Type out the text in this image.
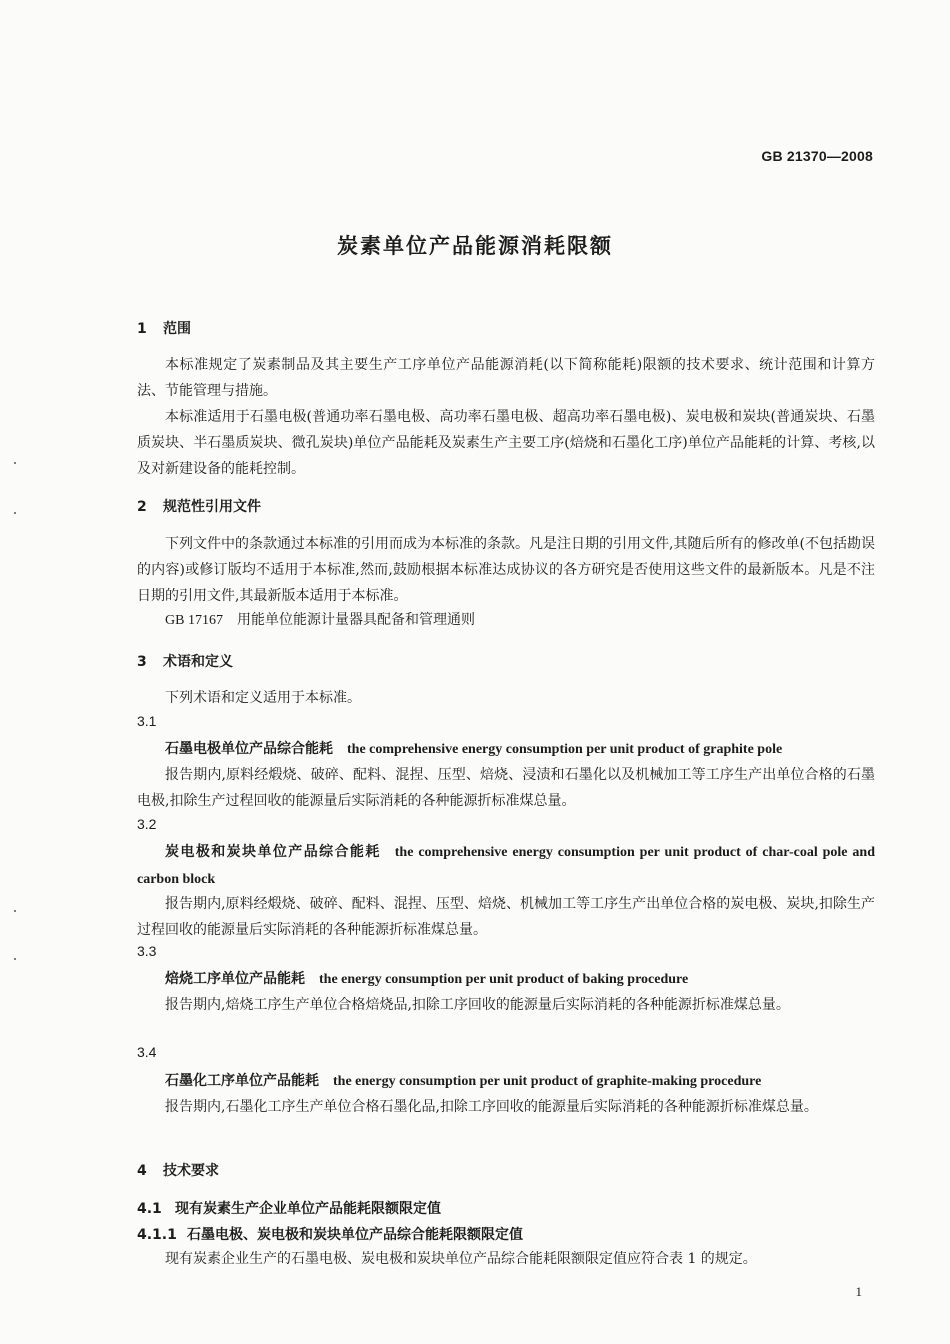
GB 21370—2008
炭素单位产品能源消耗限额
1 范围
本标准规定了炭素制品及其主要生产工序单位产品能源消耗(以下简称能耗)限额的技术要求、统计范围和计算方法、节能管理与措施。
本标准适用于石墨电极(普通功率石墨电极、高功率石墨电极、超高功率石墨电极)、炭电极和炭块(普通炭块、石墨质炭块、半石墨质炭块、微孔炭块)单位产品能耗及炭素生产主要工序(焙烧和石墨化工序)单位产品能耗的计算、考核,以及对新建设备的能耗控制。
2 规范性引用文件
下列文件中的条款通过本标准的引用而成为本标准的条款。凡是注日期的引用文件,其随后所有的修改单(不包括勘误的内容)或修订版均不适用于本标准,然而,鼓励根据本标准达成协议的各方研究是否使用这些文件的最新版本。凡是不注日期的引用文件,其最新版本适用于本标准。
GB 17167 用能单位能源计量器具配备和管理通则
3 术语和定义
下列术语和定义适用于本标准。
3.1
石墨电极单位产品综合能耗 the comprehensive energy consumption per unit product of graphite pole
报告期内,原料经煅烧、破碎、配料、混捏、压型、焙烧、浸渍和石墨化以及机械加工等工序生产出单位合格的石墨电极,扣除生产过程回收的能源量后实际消耗的各种能源折标准煤总量。
3.2
炭电极和炭块单位产品综合能耗 the comprehensive energy consumption per unit product of char-coal pole and carbon block
报告期内,原料经煅烧、破碎、配料、混捏、压型、焙烧、机械加工等工序生产出单位合格的炭电极、炭块,扣除生产过程回收的能源量后实际消耗的各种能源折标准煤总量。
3.3
焙烧工序单位产品能耗 the energy consumption per unit product of baking procedure
报告期内,焙烧工序生产单位合格焙烧品,扣除工序回收的能源量后实际消耗的各种能源折标准煤总量。
3.4
石墨化工序单位产品能耗 the energy consumption per unit product of graphite-making procedure
报告期内,石墨化工序生产单位合格石墨化品,扣除工序回收的能源量后实际消耗的各种能源折标准煤总量。
4 技术要求
4.1 现有炭素生产企业单位产品能耗限额限定值
4.1.1 石墨电极、炭电极和炭块单位产品综合能耗限额限定值
现有炭素企业生产的石墨电极、炭电极和炭块单位产品综合能耗限额限定值应符合表 1 的规定。
1
